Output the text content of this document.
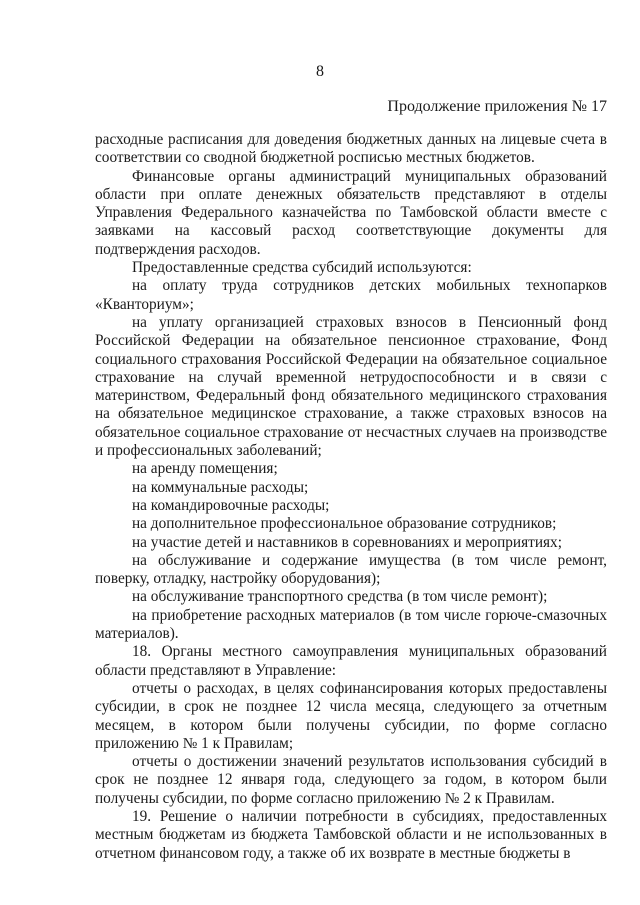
8
Продолжение приложения № 17

расходные расписания для доведения бюджетных данных на лицевые счета в соответствии со сводной бюджетной росписью местных бюджетов.

Финансовые органы администраций муниципальных образований области при оплате денежных обязательств представляют в отделы Управления Федерального казначейства по Тамбовской области вместе с заявками на кассовый расход соответствующие документы для подтверждения расходов.

Предоставленные средства субсидий используются:

на оплату труда сотрудников детских мобильных технопарков «Кванториум»;

на уплату организацией страховых взносов в Пенсионный фонд Российской Федерации на обязательное пенсионное страхование, Фонд социального страхования Российской Федерации на обязательное социальное страхование на случай временной нетрудоспособности и в связи с материнством, Федеральный фонд обязательного медицинского страхования на обязательное медицинское страхование, а также страховых взносов на обязательное социальное страхование от несчастных случаев на производстве и профессиональных заболеваний;

на аренду помещения;

на коммунальные расходы;

на командировочные расходы;

на дополнительное профессиональное образование сотрудников;

на участие детей и наставников в соревнованиях и мероприятиях;

на обслуживание и содержание имущества (в том числе ремонт, поверку, отладку, настройку оборудования);

на обслуживание транспортного средства (в том числе ремонт);

на приобретение расходных материалов (в том числе горюче-смазочных материалов).

18. Органы местного самоуправления муниципальных образований области представляют в Управление:

отчеты о расходах, в целях софинансирования которых предоставлены субсидии, в срок не позднее 12 числа месяца, следующего за отчетным месяцем, в котором были получены субсидии, по форме согласно приложению № 1 к Правилам;

отчеты о достижении значений результатов использования субсидий в срок не позднее 12 января года, следующего за годом, в котором были получены субсидии, по форме согласно приложению № 2 к Правилам.

19. Решение о наличии потребности в субсидиях, предоставленных местным бюджетам из бюджета Тамбовской области и не использованных в отчетном финансовом году, а также об их возврате в местные бюджеты в
